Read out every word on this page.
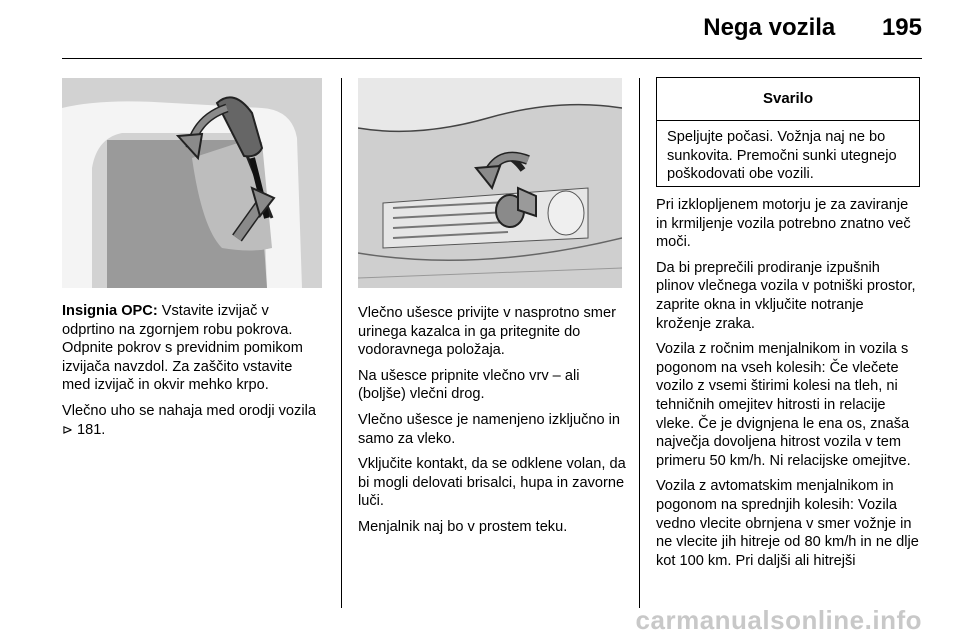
Nega vozila 195

Insignia OPC: Vstavite izvijač v odprtino na zgornjem robu pokrova. Odpnite pokrov s previdnim pomikom izvijača navzdol. Za zaščito vstavite med izvijač in okvir mehko krpo.

Vlečno uho se nahaja med orodji vozila ⊳ 181.

Vlečno ušesce privijte v nasprotno smer urinega kazalca in ga pritegnite do vodoravnega položaja.

Na ušesce pripnite vlečno vrv – ali (boljše) vlečni drog.

Vlečno ušesce je namenjeno izključno in samo za vleko.

Vključite kontakt, da se odklene volan, da bi mogli delovati brisalci, hupa in zavorne luči.

Menjalnik naj bo v prostem teku.

Svarilo
Speljujte počasi. Vožnja naj ne bo sunkovita. Premočni sunki utegnejo poškodovati obe vozili.

Pri izklopljenem motorju je za zaviranje in krmiljenje vozila potrebno znatno več moči.

Da bi preprečili prodiranje izpušnih plinov vlečnega vozila v potniški prostor, zaprite okna in vključite notranje kroženje zraka.

Vozila z ročnim menjalnikom in vozila s pogonom na vseh kolesih: Če vlečete vozilo z vsemi štirimi kolesi na tleh, ni tehničnih omejitev hitrosti in relacije vleke. Če je dvignjena le ena os, znaša največja dovoljena hitrost vozila v tem primeru 50 km/h. Ni relacijske omejitve.

Vozila z avtomatskim menjalnikom in pogonom na sprednjih kolesih: Vozila vedno vlecite obrnjena v smer vožnje in ne vlecite jih hitreje od 80 km/h in ne dlje kot 100 km. Pri daljši ali hitrejši

carmanualsonline.info
